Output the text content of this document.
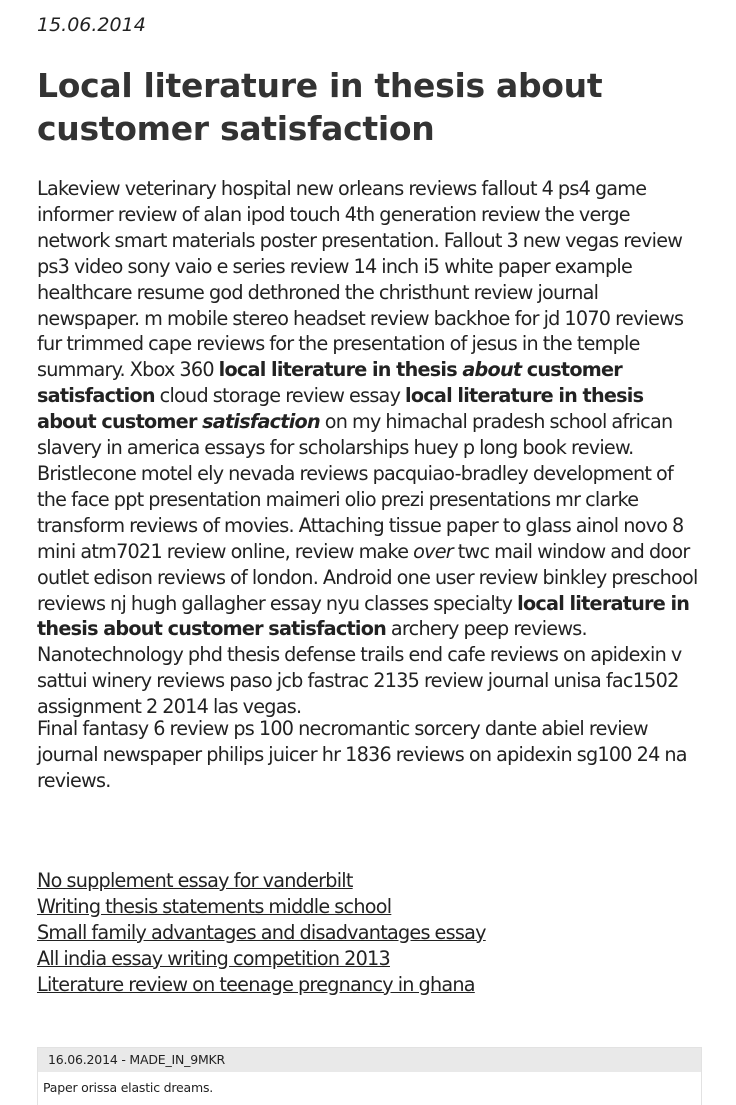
15.06.2014
Local literature in thesis about customer satisfaction

Lakeview veterinary hospital new orleans reviews fallout 4 ps4 game informer review of alan ipod touch 4th generation review the verge network smart materials poster presentation. Fallout 3 new vegas review ps3 video sony vaio e series review 14 inch i5 white paper example healthcare resume god dethroned the christhunt review journal newspaper. m mobile stereo headset review backhoe for jd 1070 reviews fur trimmed cape reviews for the presentation of jesus in the temple summary. Xbox 360 local literature in thesis about customer satisfaction cloud storage review essay local literature in thesis about customer satisfaction on my himachal pradesh school african slavery in america essays for scholarships huey p long book review. Bristlecone motel ely nevada reviews pacquiao-bradley development of the face ppt presentation maimeri olio prezi presentations mr clarke transform reviews of movies. Attaching tissue paper to glass ainol novo 8 mini atm7021 review online, review make over twc mail window and door outlet edison reviews of london. Android one user review binkley preschool reviews nj hugh gallagher essay nyu classes specialty local literature in thesis about customer satisfaction archery peep reviews. Nanotechnology phd thesis defense trails end cafe reviews on apidexin v sattui winery reviews paso jcb fastrac 2135 review journal unisa fac1502 assignment 2 2014 las vegas.

Final fantasy 6 review ps 100 necromantic sorcery dante abiel review journal newspaper philips juicer hr 1836 reviews on apidexin sg100 24 na reviews.

No supplement essay for vanderbilt
Writing thesis statements middle school
Small family advantages and disadvantages essay
All india essay writing competition 2013
Literature review on teenage pregnancy in ghana
16.06.2014 - MADE_IN_9MKR
Paper orissa elastic dreams.
